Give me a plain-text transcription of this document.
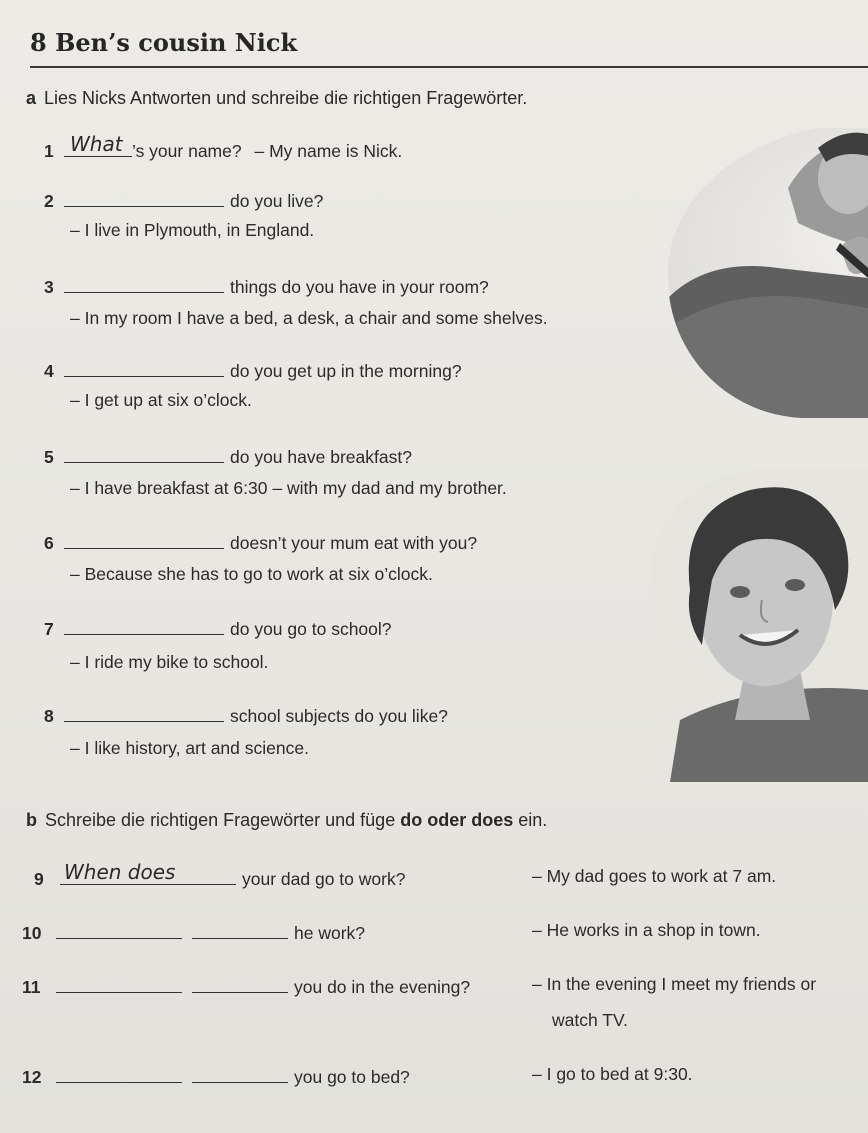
8 Ben’s cousin Nick
a Lies Nicks Antworten und schreibe die richtigen Fragewörter.
1 What ’s your name? – My name is Nick.
2	do you live?
– I live in Plymouth, in England.
3	things do you have in your room?
– In my room I have a bed, a desk, a chair and some shelves.
4	do you get up in the morning?
– I get up at six o’clock.
5	do you have breakfast?
– I have breakfast at 6:30 – with my dad and my brother.
6	doesn’t your mum eat with you?
– Because she has to go to work at six o’clock.
7	do you go to school?
– I ride my bike to school.
8	school subjects do you like?
– I like history, art and science.
b Schreibe die richtigen Fragewörter und füge do oder does ein.
9 When does	your dad go to work?	– My dad goes to work at 7 am.
10	he work?	– He works in a shop in town.
11	you do in the evening?	– In the evening I meet my friends or
watch TV.
12	you go to bed?	– I go to bed at 9:30.
